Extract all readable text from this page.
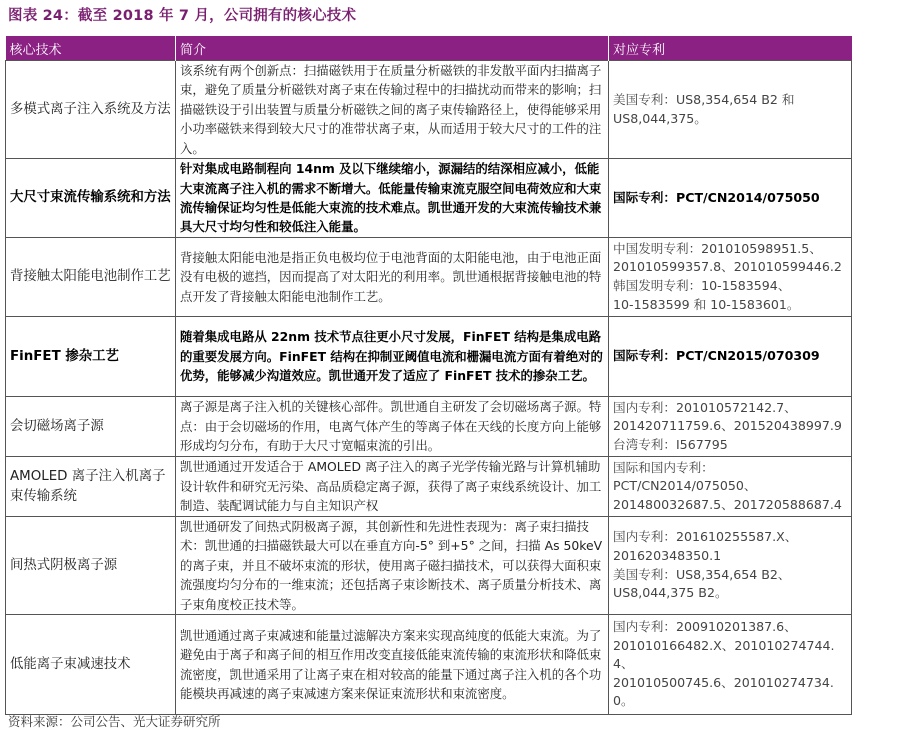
图表 24：截至 2018 年 7 月，公司拥有的核心技术
核心技术	简介	对应专利
多模式离子注入系统及方法	该系统有两个创新点：扫描磁铁用于在质量分析磁铁的非发散平面内扫描离子束，避免了质量分析磁铁对离子束在传输过程中的扫描扰动而带来的影响；扫描磁铁设于引出装置与质量分析磁铁之间的离子束传输路径上，使得能够采用小功率磁铁来得到较大尺寸的准带状离子束，从而适用于较大尺寸的工件的注入。	美国专利：US8,354,654 B2 和
US8,044,375。

大尺寸束流传输系统和方法	针对集成电路制程向 14nm 及以下继续缩小，源漏结的结深相应减小，低能大束流离子注入机的需求不断增大。低能量传输束流克服空间电荷效应和大束流传输保证均匀性是低能大束流的技术难点。凯世通开发的大束流传输技术兼具大尺寸均匀性和较低注入能量。	国际专利：PCT/CN2014/075050

背接触太阳能电池制作工艺	背接触太阳能电池是指正负电极均位于电池背面的太阳能电池，由于电池正面没有电极的遮挡，因而提高了对太阳光的利用率。凯世通根据背接触电池的特点开发了背接触太阳能电池制作工艺。	中国发明专利：201010598951.5、
201010599357.8、201010599446.2
韩国发明专利：10-1583594、
10-1583599 和 10-1583601。

FinFET 掺杂工艺	随着集成电路从 22nm 技术节点往更小尺寸发展，FinFET 结构是集成电路的重要发展方向。FinFET 结构在抑制亚阈值电流和栅漏电流方面有着绝对的优势，能够减少沟道效应。凯世通开发了适应了 FinFET 技术的掺杂工艺。	国际专利：PCT/CN2015/070309

会切磁场离子源	离子源是离子注入机的关键核心部件。凯世通自主研发了会切磁场离子源。特点：由于会切磁场的作用，电离气体产生的等离子体在天线的长度方向上能够形成均匀分布，有助于大尺寸宽幅束流的引出。	国内专利：201010572142.7、
201420711759.6、201520438997.9
台湾专利：I567795

AMOLED 离子注入机离子束传输系统	凯世通通过开发适合于 AMOLED 离子注入的离子光学传输光路与计算机辅助设计软件和研究无污染、高品质稳定离子源，获得了离子束线系统设计、加工制造、装配调试能力与自主知识产权	国际和国内专利：
PCT/CN2014/075050、
201480032687.5、201720588687.4

间热式阴极离子源	凯世通研发了间热式阴极离子源，其创新性和先进性表现为：离子束扫描技术：凯世通的扫描磁铁最大可以在垂直方向-5° 到+5° 之间，扫描 As 50keV 的离子束，并且不破坏束流的形状，使用离子磁扫描技术，可以获得大面积束流强度均匀分布的一维束流；还包括离子束诊断技术、离子质量分析技术、离子束角度校正技术等。	国内专利：201610255587.X、
201620348350.1
美国专利：US8,354,654 B2、
US8,044,375 B2。

低能离子束减速技术	凯世通通过离子束减速和能量过滤解决方案来实现高纯度的低能大束流。为了避免由于离子和离子间的相互作用改变直接低能束流传输的束流形状和降低束流密度，凯世通采用了让离子束在相对较高的能量下通过离子注入机的各个功能模块再减速的离子束减速方案来保证束流形状和束流密度。	国内专利：200910201387.6、
201010166482.X、201010274744.4、
201010500745.6、201010274734.0。
资料来源：公司公告、光大证券研究所
